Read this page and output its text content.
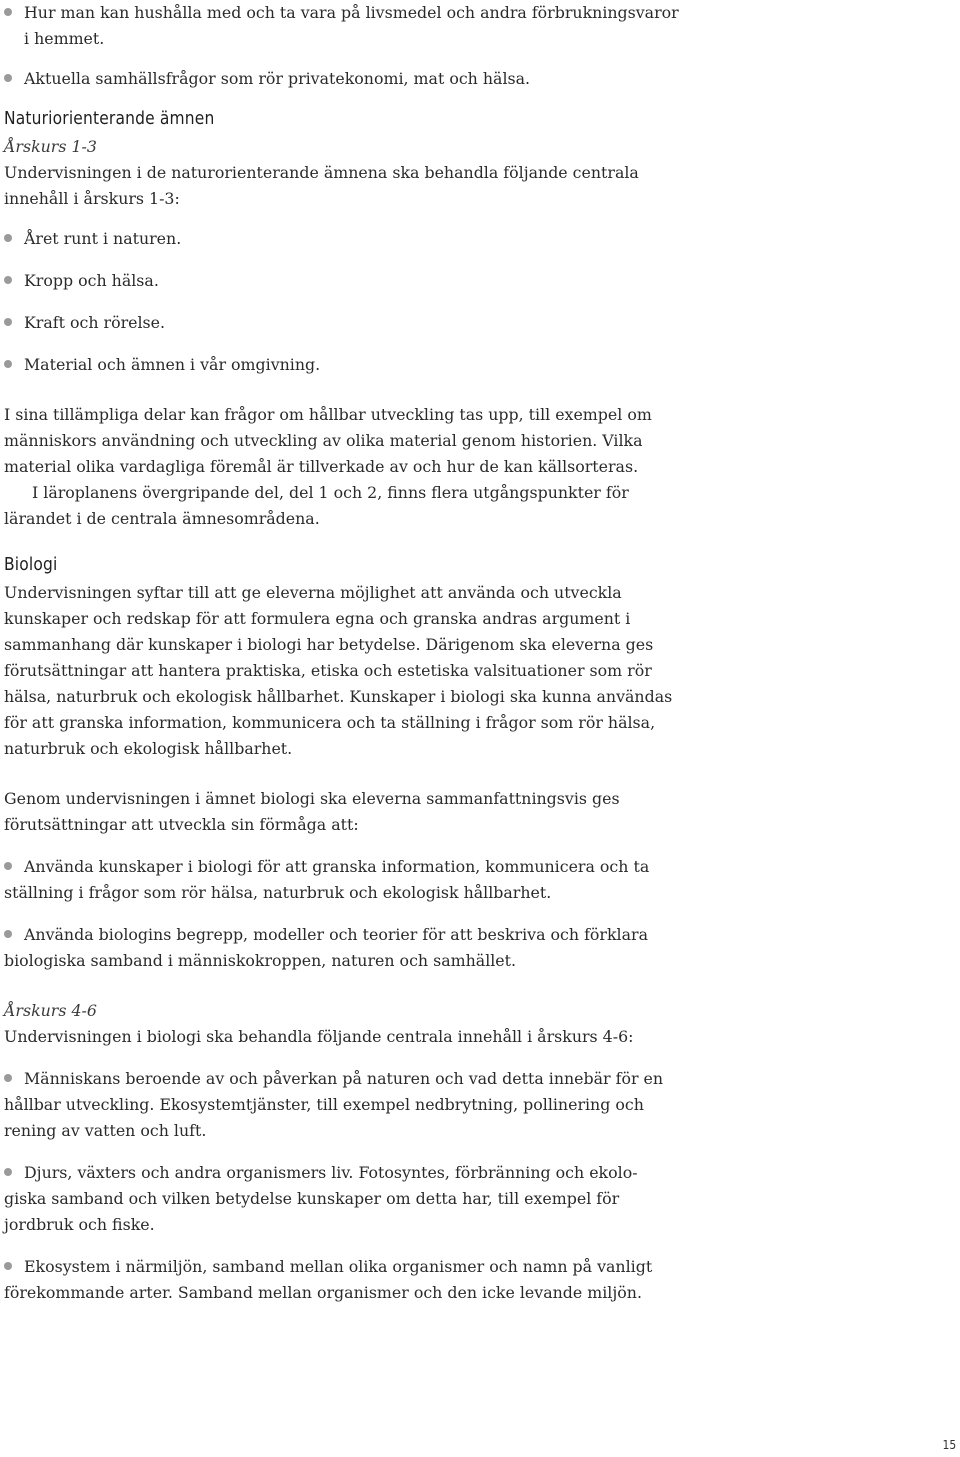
Hur man kan hushålla med och ta vara på livsmedel och andra förbrukningsvaror i hemmet.

Aktuella samhällsfrågor som rör privatekonomi, mat och hälsa.

Naturiorienterande ämnen

Årskurs 1-3

Undervisningen i de naturorienterande ämnena ska behandla följande centrala innehåll i årskurs 1-3:

Året runt i naturen.

Kropp och hälsa.

Kraft och rörelse.

Material och ämnen i vår omgivning.

I sina tillämpliga delar kan frågor om hållbar utveckling tas upp, till exempel om människors användning och utveckling av olika material genom historien. Vilka material olika vardagliga föremål är tillverkade av och hur de kan källsorteras.

I läroplanens övergripande del, del 1 och 2, finns flera utgångspunkter för lärandet i de centrala ämnesområdena.

Biologi

Undervisningen syftar till att ge eleverna möjlighet att använda och utveckla kunskaper och redskap för att formulera egna och granska andras argument i sammanhang där kunskaper i biologi har betydelse. Därigenom ska eleverna ges förutsättningar att hantera praktiska, etiska och estetiska valsituationer som rör hälsa, naturbruk och ekologisk hållbarhet. Kunskaper i biologi ska kunna användas för att granska information, kommunicera och ta ställning i frågor som rör hälsa, naturbruk och ekologisk hållbarhet.

Genom undervisningen i ämnet biologi ska eleverna sammanfattningsvis ges förutsättningar att utveckla sin förmåga att:

Använda kunskaper i biologi för att granska information, kommunicera och ta ställning i frågor som rör hälsa, naturbruk och ekologisk hållbarhet.

Använda biologins begrepp, modeller och teorier för att beskriva och förklara biologiska samband i människokroppen, naturen och samhället.

Årskurs 4-6

Undervisningen i biologi ska behandla följande centrala innehåll i årskurs 4-6:

Människans beroende av och påverkan på naturen och vad detta innebär för en hållbar utveckling. Ekosystemtjänster, till exempel nedbrytning, pollinering och rening av vatten och luft.

Djurs, växters och andra organismers liv. Fotosyntes, förbränning och ekolo- giska samband och vilken betydelse kunskaper om detta har, till exempel för jordbruk och fiske.

Ekosystem i närmiljön, samband mellan olika organismer och namn på vanligt förekommande arter. Samband mellan organismer och den icke levande miljön.

15
